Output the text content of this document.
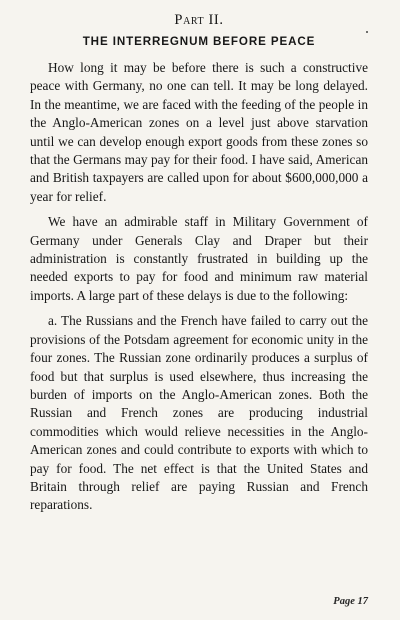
Part II.
THE INTERREGNUM BEFORE PEACE

How long it may be before there is such a constructive peace with Germany, no one can tell. It may be long delayed. In the meantime, we are faced with the feeding of the people in the Anglo-American zones on a level just above starvation until we can develop enough export goods from these zones so that the Germans may pay for their food. I have said, American and British taxpayers are called upon for about $600,000,000 a year for relief.

We have an admirable staff in Military Government of Germany under Generals Clay and Draper but their administration is constantly frustrated in building up the needed exports to pay for food and minimum raw material imports. A large part of these delays is due to the following:

a. The Russians and the French have failed to carry out the provisions of the Potsdam agreement for economic unity in the four zones. The Russian zone ordinarily produces a surplus of food but that surplus is used elsewhere, thus increasing the burden of imports on the Anglo-American zones. Both the Russian and French zones are producing industrial commodities which would relieve necessities in the Anglo-American zones and could contribute to exports with which to pay for food. The net effect is that the United States and Britain through relief are paying Russian and French reparations.

Page 17
